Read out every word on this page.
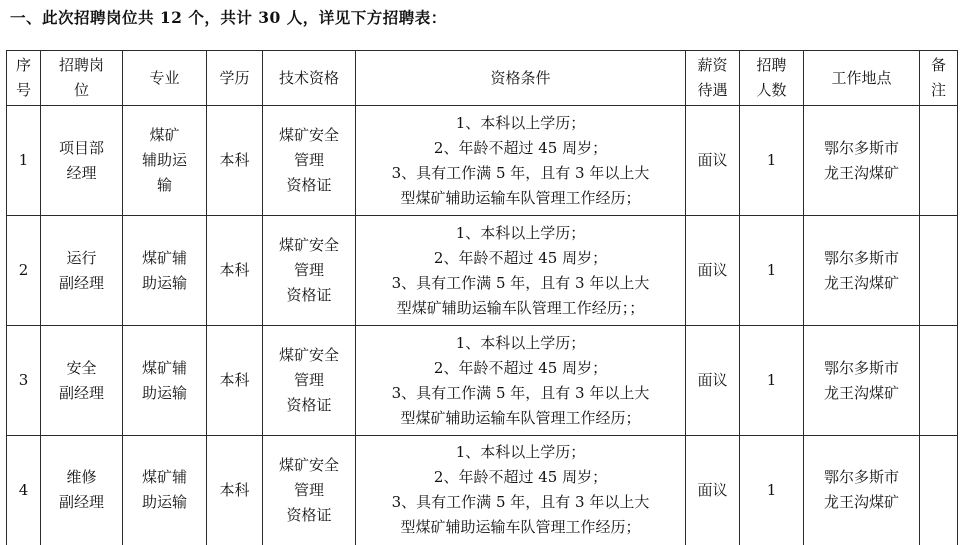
一、此次招聘岗位共 12 个，共计 30 人，详见下方招聘表：
序
号	招聘岗
位	专业	学历	技术资格	资格条件	薪资
待遇	招聘
人数	工作地点	备
注

1	项目部
经理	煤矿
辅助运
输	本科	煤矿安全
管理
资格证	1、本科以上学历；
2、年龄不超过 45 周岁；
3、具有工作满 5 年，且有 3 年以上大
型煤矿辅助运输车队管理工作经历；	面议	1	鄂尔多斯市
龙王沟煤矿	

2	运行
副经理	煤矿辅
助运输	本科	煤矿安全
管理
资格证	1、本科以上学历；
2、年龄不超过 45 周岁；
3、具有工作满 5 年，且有 3 年以上大
型煤矿辅助运输车队管理工作经历；；	面议	1	鄂尔多斯市
龙王沟煤矿	

3	安全
副经理	煤矿辅
助运输	本科	煤矿安全
管理
资格证	1、本科以上学历；
2、年龄不超过 45 周岁；
3、具有工作满 5 年，且有 3 年以上大
型煤矿辅助运输车队管理工作经历；	面议	1	鄂尔多斯市
龙王沟煤矿	

4	维修
副经理	煤矿辅
助运输	本科	煤矿安全
管理
资格证	1、本科以上学历；
2、年龄不超过 45 周岁；
3、具有工作满 5 年，且有 3 年以上大
型煤矿辅助运输车队管理工作经历；	面议	1	鄂尔多斯市
龙王沟煤矿	
